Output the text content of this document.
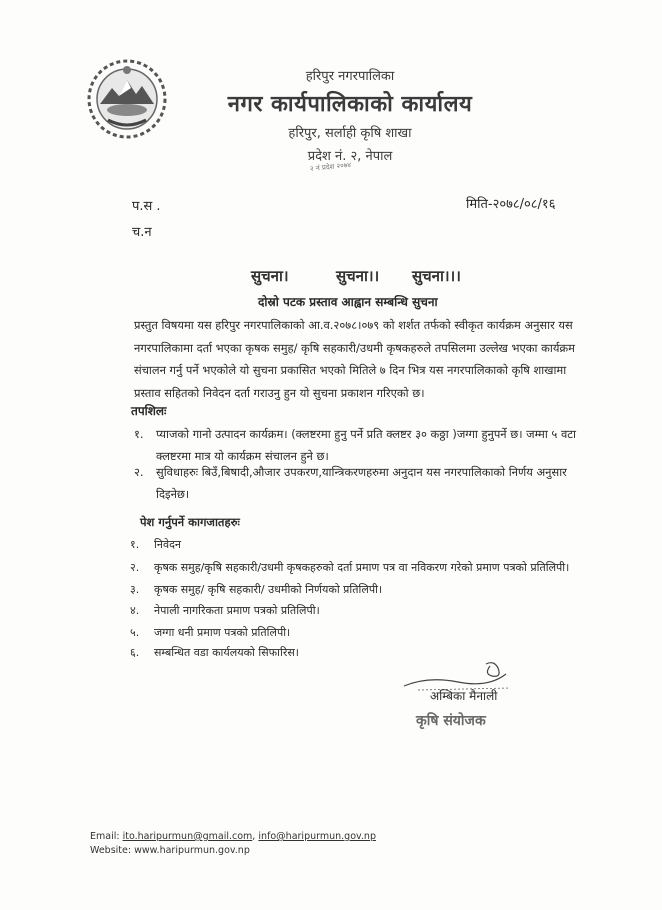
हरिपुर नगरपालिका
नगर कार्यपालिकाको कार्यालय
हरिपुर, सर्लाही कृषि शाखा
प्रदेश नं. २, नेपाल
२ नं प्रदेश २०७४
प.स .
च.न
मिति-२०७८/०८/१६
सुचना।	सुचना।। सुचना।।।
दोस्रो पटक प्रस्ताव आह्वान सम्बन्धि सुचना
प्रस्तुत विषयमा यस हरिपुर नगरपालिकाको आ.व.२०७८।०७९ को शर्शत तर्फको स्वीकृत कार्यक्रम अनुसार यस
नगरपालिकामा दर्ता भएका कृषक समुह/ कृषि सहकारी/उधमी कृषकहरुले तपसिलमा उल्लेख भएका कार्यक्रम
संचालन गर्नु पर्ने भएकोले यो सुचना प्रकासित भएको मितिले ७ दिन भित्र यस नगरपालिकाको कृषि शाखामा
प्रस्ताव सहितको निवेदन दर्ता गराउनु हुन यो सुचना प्रकाशन गरिएको छ।
तपशिलः
१. प्याजको गानो उत्पादन कार्यक्रम। (क्लष्टरमा हुनु पर्ने प्रति क्लष्टर ३० कठ्ठा )जग्गा हुनुपर्ने छ। जम्मा ५ वटा
क्लष्टरमा मात्र यो कार्यक्रम संचालन हुने छ।
२. सुविधाहरुः बिउँ,बिषादी,औजार उपकरण,यान्त्रिकरणहरुमा अनुदान यस नगरपालिकाको निर्णय अनुसार
दिइनेछ।
पेश गर्नुपर्ने कागजातहरुः
१. निवेदन
२. कृषक समुह/कृषि सहकारी/उधमी कृषकहरुको दर्ता प्रमाण पत्र वा नविकरण गरेको प्रमाण पत्रको प्रतिलिपी।
३. कृषक समुह/ कृषि सहकारी/ उधमीको निर्णयको प्रतिलिपी।
४. नेपाली नागरिकता प्रमाण पत्रको प्रतिलिपी।
५. जग्गा धनी प्रमाण पत्रको प्रतिलिपी।
६. सम्बन्धित वडा कार्यलयको सिफारिस।
अम्बिका मैनाली
कृषि संयोजक
Email: ito.haripurmun@gmail.com, info@haripurmun.gov.np
Website: www.haripurmun.gov.np
